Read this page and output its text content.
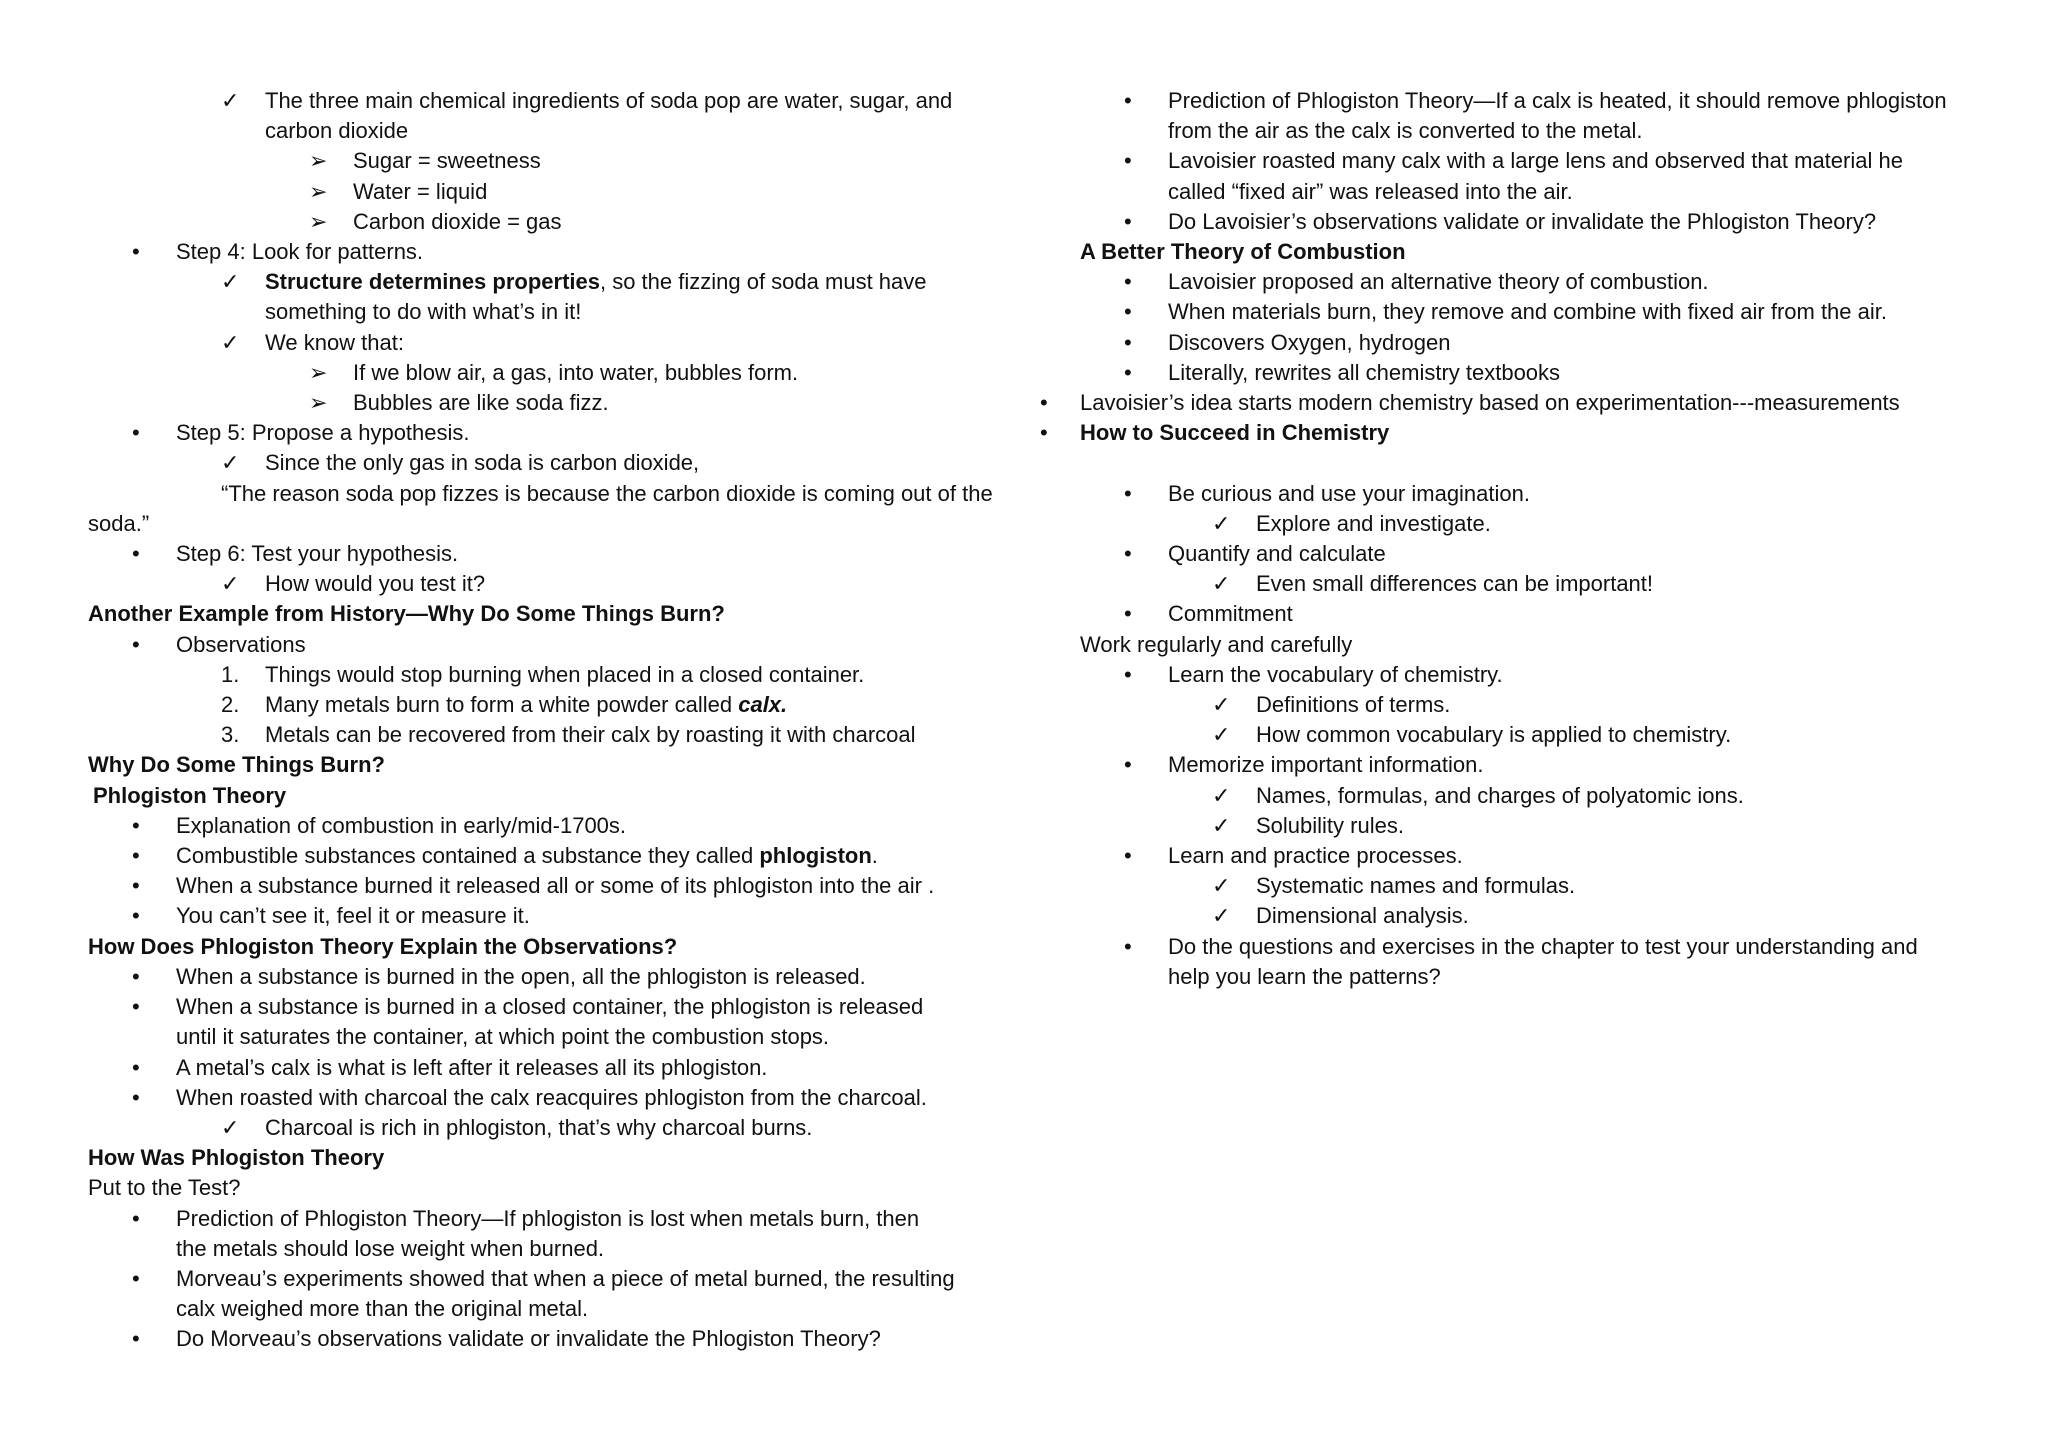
✓ The three main chemical ingredients of soda pop are water, sugar, and
carbon dioxide
➢ Sugar = sweetness
➢ Water = liquid
➢ Carbon dioxide = gas
• Step 4: Look for patterns.
✓ Structure determines properties, so the fizzing of soda must have
something to do with what’s in it!
✓ We know that:
➢ If we blow air, a gas, into water, bubbles form.
➢ Bubbles are like soda fizz.
• Step 5: Propose a hypothesis.
✓ Since the only gas in soda is carbon dioxide,
“The reason soda pop fizzes is because the carbon dioxide is coming out of the
soda.”
• Step 6: Test your hypothesis.
✓ How would you test it?
Another Example from History—Why Do Some Things Burn?
• Observations
1. Things would stop burning when placed in a closed container.
2. Many metals burn to form a white powder called calx.
3. Metals can be recovered from their calx by roasting it with charcoal
Why Do Some Things Burn?
Phlogiston Theory
• Explanation of combustion in early/mid-1700s.
• Combustible substances contained a substance they called phlogiston.
• When a substance burned it released all or some of its phlogiston into the air .
• You can’t see it, feel it or measure it.
How Does Phlogiston Theory Explain the Observations?
• When a substance is burned in the open, all the phlogiston is released.
• When a substance is burned in a closed container, the phlogiston is released
until it saturates the container, at which point the combustion stops.
• A metal’s calx is what is left after it releases all its phlogiston.
• When roasted with charcoal the calx reacquires phlogiston from the charcoal.
✓ Charcoal is rich in phlogiston, that’s why charcoal burns.
How Was Phlogiston Theory
Put to the Test?
• Prediction of Phlogiston Theory—If phlogiston is lost when metals burn, then
the metals should lose weight when burned.
• Morveau’s experiments showed that when a piece of metal burned, the resulting
calx weighed more than the original metal.
• Do Morveau’s observations validate or invalidate the Phlogiston Theory?
• Prediction of Phlogiston Theory—If a calx is heated, it should remove phlogiston
from the air as the calx is converted to the metal.
• Lavoisier roasted many calx with a large lens and observed that material he
called “fixed air” was released into the air.
• Do Lavoisier’s observations validate or invalidate the Phlogiston Theory?
A Better Theory of Combustion
• Lavoisier proposed an alternative theory of combustion.
• When materials burn, they remove and combine with fixed air from the air.
• Discovers Oxygen, hydrogen
• Literally, rewrites all chemistry textbooks
• Lavoisier’s idea starts modern chemistry based on experimentation---measurements
• How to Succeed in Chemistry
• Be curious and use your imagination.
✓ Explore and investigate.
• Quantify and calculate
✓ Even small differences can be important!
• Commitment
Work regularly and carefully
• Learn the vocabulary of chemistry.
✓ Definitions of terms.
✓ How common vocabulary is applied to chemistry.
• Memorize important information.
✓ Names, formulas, and charges of polyatomic ions.
✓ Solubility rules.
• Learn and practice processes.
✓ Systematic names and formulas.
✓ Dimensional analysis.
• Do the questions and exercises in the chapter to test your understanding and
help you learn the patterns?
